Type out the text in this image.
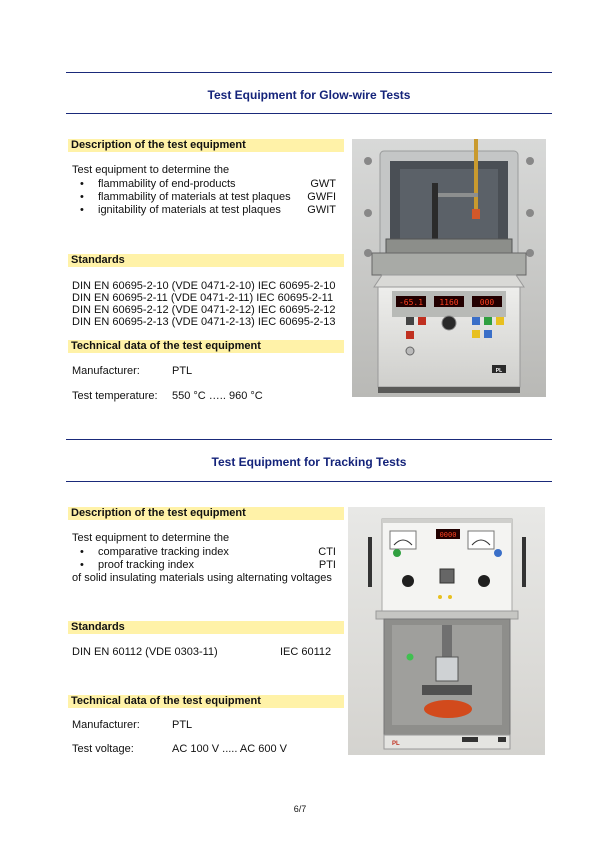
Test Equipment for Glow-wire Tests
Description of the test equipment
Test equipment to determine the
• flammability of end-products	GWT
• flammability of materials at test plaques GWFI
• ignitability of materials at test plaques GWIT
Standards
DIN EN 60695-2-10 (VDE 0471-2-10) IEC 60695-2-10
DIN EN 60695-2-11 (VDE 0471-2-11) IEC 60695-2-11
DIN EN 60695-2-12 (VDE 0471-2-12) IEC 60695-2-12
DIN EN 60695-2-13 (VDE 0471-2-13) IEC 60695-2-13
Technical data of the test equipment
Manufacturer:	PTL
Test temperature: 550 °C ….. 960 °C
-65.1 1160	000
PL
Test Equipment for Tracking Tests
Description of the test equipment
Test equipment to determine the
• comparative tracking index	CTI
• proof tracking index	PTI
of solid insulating materials using alternating voltages
Standards
DIN EN 60112 (VDE 0303-11)	IEC 60112
Technical data of the test equipment
Manufacturer:	PTL
Test voltage:	AC 100 V ..... AC 600 V
0000
PL
6/7
